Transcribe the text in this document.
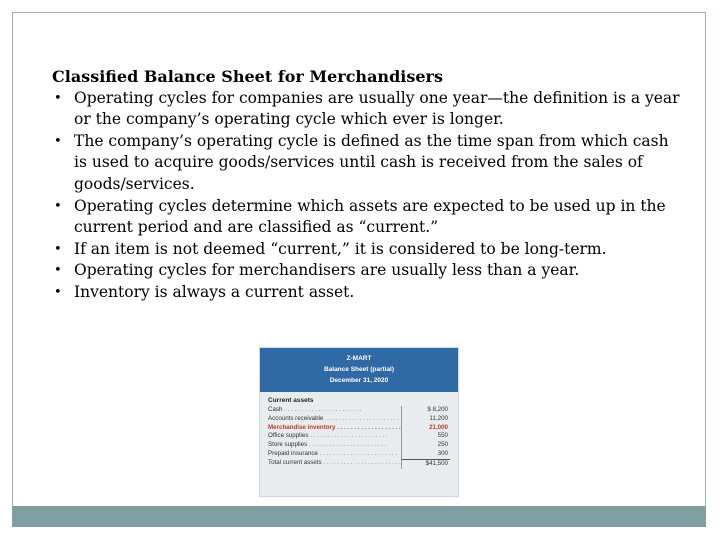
Classified Balance Sheet for Merchandisers

• Operating cycles for companies are usually one year—the definition is a year or the company’s operating cycle which ever is longer.
• The company’s operating cycle is defined as the time span from which cash is used to acquire goods/services until cash is received from the sales of goods/services.
• Operating cycles determine which assets are expected to be used up in the current period and are classified as “current.”
• If an item is not deemed “current,” it is considered to be long-term.
• Operating cycles for merchandisers are usually less than a year.
• Inventory is always a current asset.
Z-MART
Balance Sheet (partial)
December 31, 2020
Current assets
Cash . . .	$ 8,200
Accounts receivable . . .	11,200
Merchandise inventory . . .	21,000
Office supplies . . .	550
Store supplies . . .	250
Prepaid insurance . . .	300
Total current assets . . .	$41,500
